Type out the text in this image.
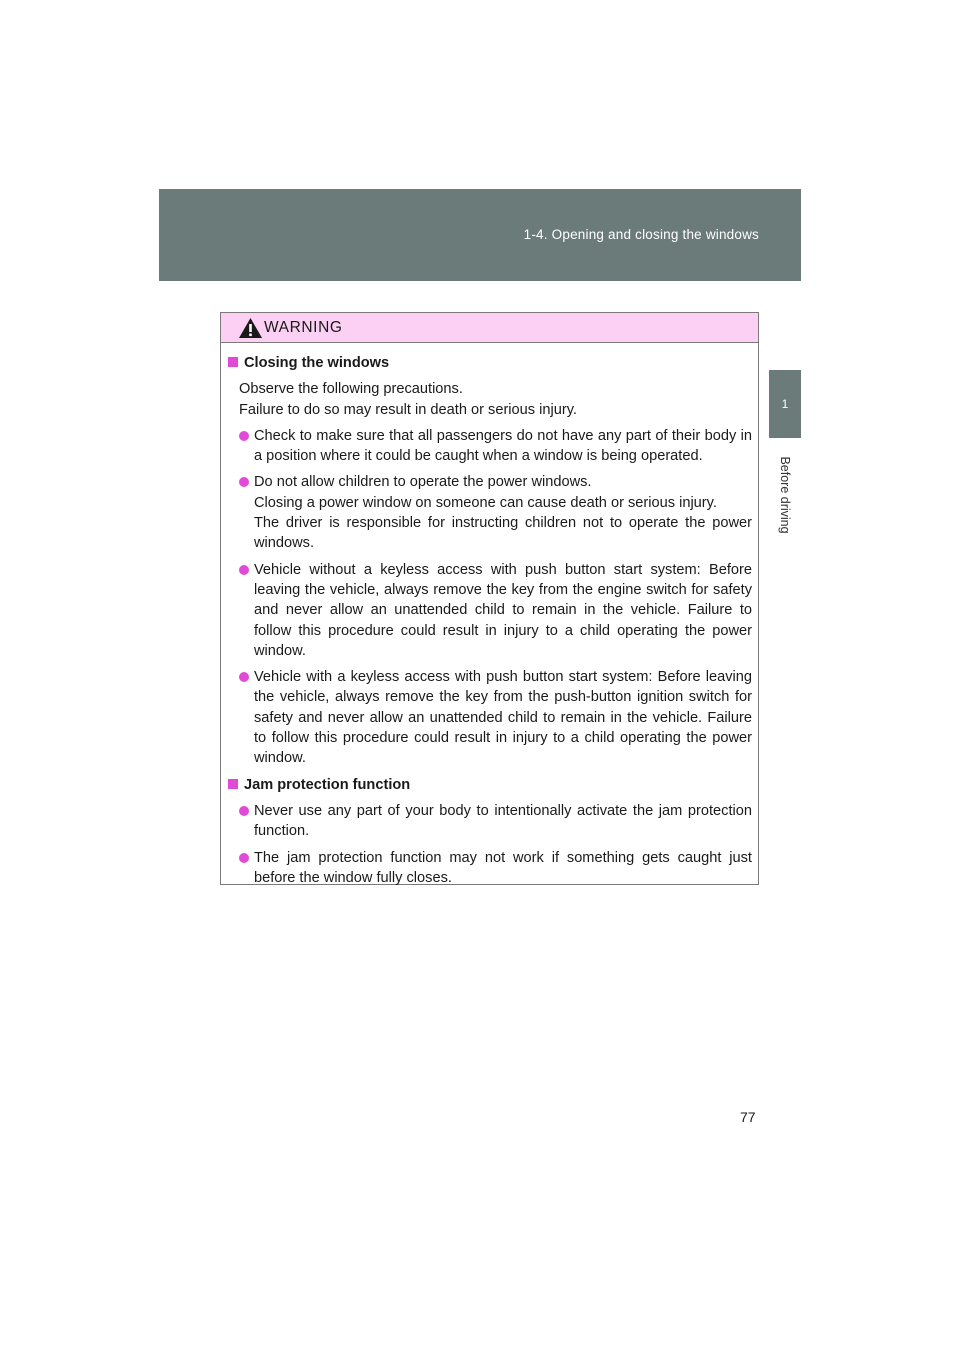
1-4. Opening and closing the windows
1
Before driving
WARNING
Closing the windows

Observe the following precautions.

Failure to do so may result in death or serious injury.

Check to make sure that all passengers do not have any part of their body in a position where it could be caught when a window is being operated.

Do not allow children to operate the power windows.

Closing a power window on someone can cause death or serious injury.

The driver is responsible for instructing children not to operate the power windows.

Vehicle without a keyless access with push button start system: Before leaving the vehicle, always remove the key from the engine switch for safety and never allow an unattended child to remain in the vehicle. Failure to follow this procedure could result in injury to a child operating the power window.

Vehicle with a keyless access with push button start system: Before leaving the vehicle, always remove the key from the push-button ignition switch for safety and never allow an unattended child to remain in the vehicle. Failure to follow this procedure could result in injury to a child operating the power window.

Jam protection function

Never use any part of your body to intentionally activate the jam protection function.

The jam protection function may not work if something gets caught just before the window fully closes.

77
